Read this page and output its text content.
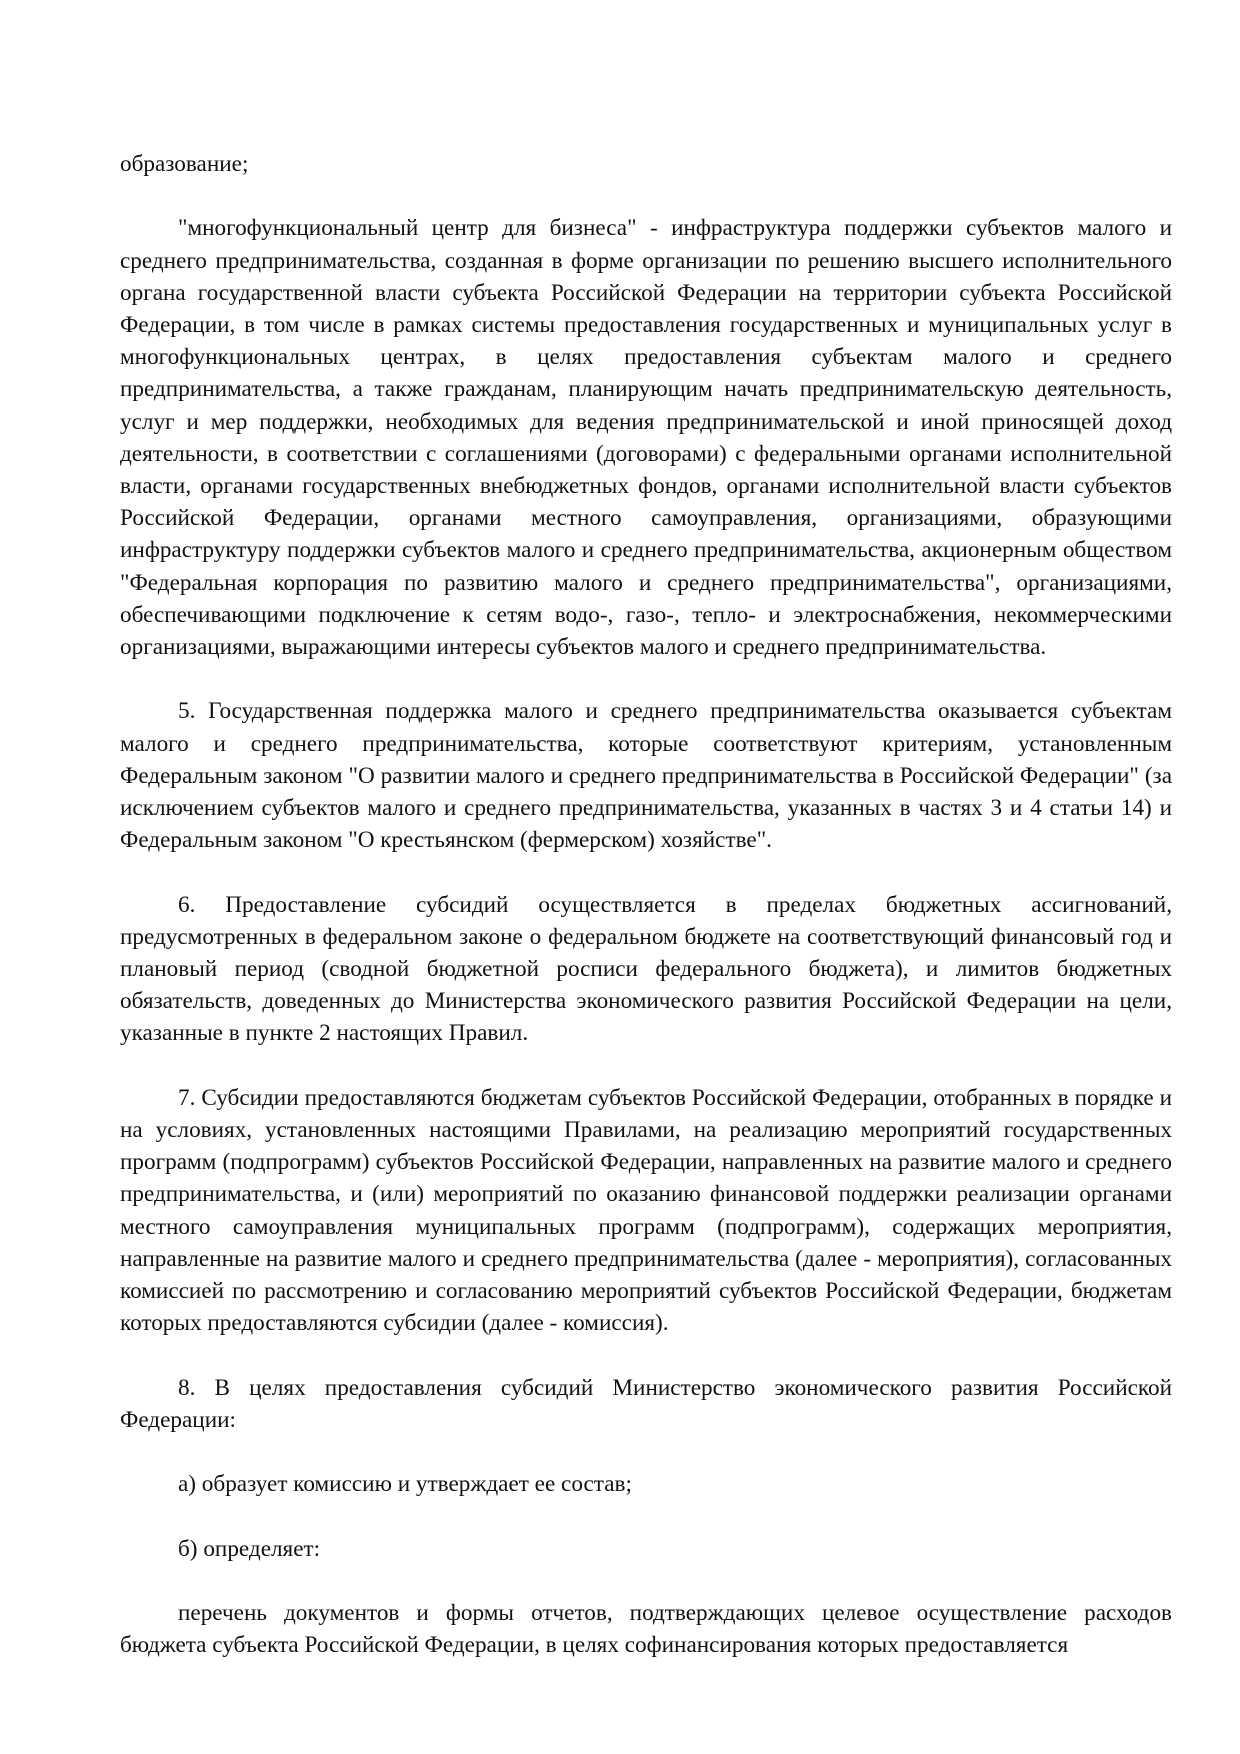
образование;

"многофункциональный центр для бизнеса" - инфраструктура поддержки субъектов малого и среднего предпринимательства, созданная в форме организации по решению высшего исполнительного органа государственной власти субъекта Российской Федерации на территории субъекта Российской Федерации, в том числе в рамках системы предоставления государственных и муниципальных услуг в многофункциональных центрах, в целях предоставления субъектам малого и среднего предпринимательства, а также гражданам, планирующим начать предпринимательскую деятельность, услуг и мер поддержки, необходимых для ведения предпринимательской и иной приносящей доход деятельности, в соответствии с соглашениями (договорами) с федеральными органами исполнительной власти, органами государственных внебюджетных фондов, органами исполнительной власти субъектов Российской Федерации, органами местного самоуправления, организациями, образующими инфраструктуру поддержки субъектов малого и среднего предпринимательства, акционерным обществом "Федеральная корпорация по развитию малого и среднего предпринимательства", организациями, обеспечивающими подключение к сетям водо-, газо-, тепло- и электроснабжения, некоммерческими организациями, выражающими интересы субъектов малого и среднего предпринимательства.

5. Государственная поддержка малого и среднего предпринимательства оказывается субъектам малого и среднего предпринимательства, которые соответствуют критериям, установленным Федеральным законом "О развитии малого и среднего предпринимательства в Российской Федерации" (за исключением субъектов малого и среднего предпринимательства, указанных в частях 3 и 4 статьи 14) и Федеральным законом "О крестьянском (фермерском) хозяйстве".

6. Предоставление субсидий осуществляется в пределах бюджетных ассигнований, предусмотренных в федеральном законе о федеральном бюджете на соответствующий финансовый год и плановый период (сводной бюджетной росписи федерального бюджета), и лимитов бюджетных обязательств, доведенных до Министерства экономического развития Российской Федерации на цели, указанные в пункте 2 настоящих Правил.

7. Субсидии предоставляются бюджетам субъектов Российской Федерации, отобранных в порядке и на условиях, установленных настоящими Правилами, на реализацию мероприятий государственных программ (подпрограмм) субъектов Российской Федерации, направленных на развитие малого и среднего предпринимательства, и (или) мероприятий по оказанию финансовой поддержки реализации органами местного самоуправления муниципальных программ (подпрограмм), содержащих мероприятия, направленные на развитие малого и среднего предпринимательства (далее - мероприятия), согласованных комиссией по рассмотрению и согласованию мероприятий субъектов Российской Федерации, бюджетам которых предоставляются субсидии (далее - комиссия).

8. В целях предоставления субсидий Министерство экономического развития Российской Федерации:

а) образует комиссию и утверждает ее состав;

б) определяет:

перечень документов и формы отчетов, подтверждающих целевое осуществление расходов бюджета субъекта Российской Федерации, в целях софинансирования которых предоставляется
